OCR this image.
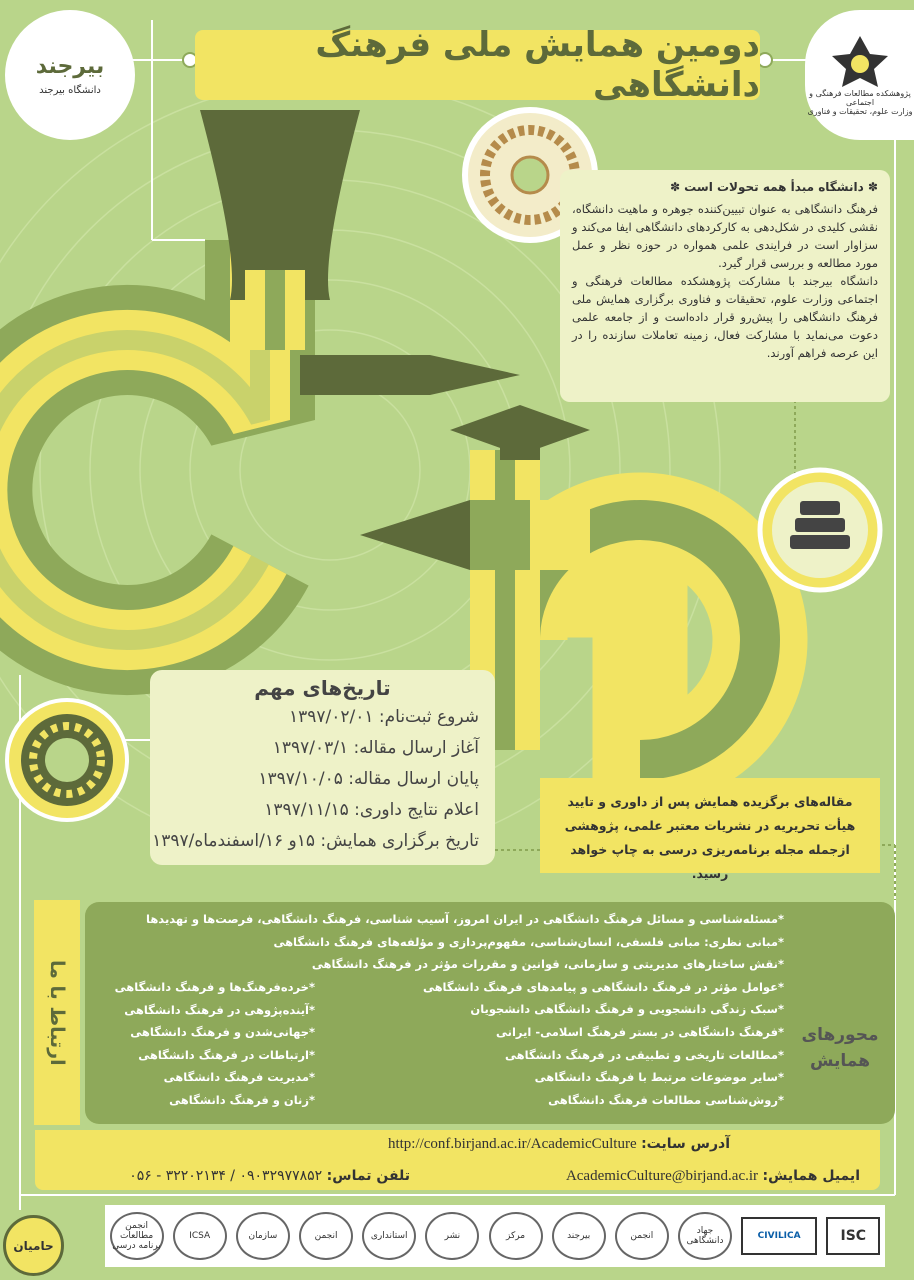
بیرجند
دانشگاه بیرجند	پژوهشکده مطالعات فرهنگی و اجتماعی
وزارت علوم، تحقیقات و فناوری
دومین همایش ملی فرهنگ دانشگاهی
✽ دانشگاه مبدأ همه تحولات است ✽
فرهنگ دانشگاهی به عنوان تبیین‌کننده جوهره و ماهیت دانشگاه، نقشی کلیدی در شکل‌دهی به کارکردهای دانشگاهی ایفا می‌کند و سزاوار است در فرایندی علمی همواره در حوزه نظر و عمل مورد مطالعه و بررسی قرار گیرد.
دانشگاه بیرجند با مشارکت پژوهشکده مطالعات فرهنگی و اجتماعی وزارت علوم، تحقیقات و فناوری برگزاری همایش ملی فرهنگ دانشگاهی را پیش‌رو قرار داده‌است و از جامعه علمی دعوت می‌نماید با مشارکت فعال، زمینه تعاملات سازنده را در این عرصه فراهم آورند.
تاریخ‌های مهم
شروع ثبت‌نام: ۱۳۹۷/۰۲/۰۱
آغاز ارسال مقاله: ۱۳۹۷/۰۳/۱
پایان ارسال مقاله: ۱۳۹۷/۱۰/۰۵
اعلام نتایج داوری: ۱۳۹۷/۱۱/۱۵
تاریخ برگزاری همایش: ۱۵و ۱۶/اسفندماه/۱۳۹۷
مقاله‌های برگزیده همایش پس از داوری و تایید هیأت تحریریه در نشریات معتبر علمی، پژوهشی ازجمله مجله برنامه‌ریزی درسی به چاپ خواهد رسید.
ارتباط با ما
*مسئله‌شناسی و مسائل فرهنگ دانشگاهی در ایران امروز، آسیب شناسی، فرهنگ دانشگاهی، فرصت‌ها و تهدیدها
*مبانی نظری: مبانی فلسفی، انسان‌شناسی، مفهوم‌پردازی و مؤلفه‌های فرهنگ دانشگاهی
*نقش ساختارهای مدیریتی و سازمانی، قوانین و مقررات مؤثر در فرهنگ دانشگاهی
*عوامل مؤثر در فرهنگ دانشگاهی و پیامدهای فرهنگ دانشگاهی
*سبک زندگی دانشجویی و فرهنگ دانشگاهی دانشجویان
*فرهنگ دانشگاهی در بستر فرهنگ اسلامی- ایرانی
*مطالعات تاریخی و تطبیقی در فرهنگ دانشگاهی
*سایر موضوعات مرتبط با فرهنگ دانشگاهی
*روش‌شناسی مطالعات فرهنگ دانشگاهی
*خرده‌فرهنگ‌ها و فرهنگ دانشگاهی
*آینده‌پژوهی در فرهنگ دانشگاهی
*جهانی‌شدن و فرهنگ دانشگاهی
*ارتباطات در فرهنگ دانشگاهی
*مدیریت فرهنگ دانشگاهی
*زنان و فرهنگ دانشگاهی
محورهای
همایش
آدرس سایت: http://conf.birjand.ac.ir/AcademicCulture
ایمیل همایش: AcademicCulture@birjand.ac.ir
تلفن تماس: ۰۹۰۳۲۹۷۷۸۵۲ / ۳۲۲۰۲۱۳۴ - ۰۵۶
حامیان
انجمن مطالعات برنامه درسی
ICSA	سازمان	انجمن	استانداری	نشر	مرکز	بیرجند	انجمن	جهاد دانشگاهی	CIVILICA	ISC
